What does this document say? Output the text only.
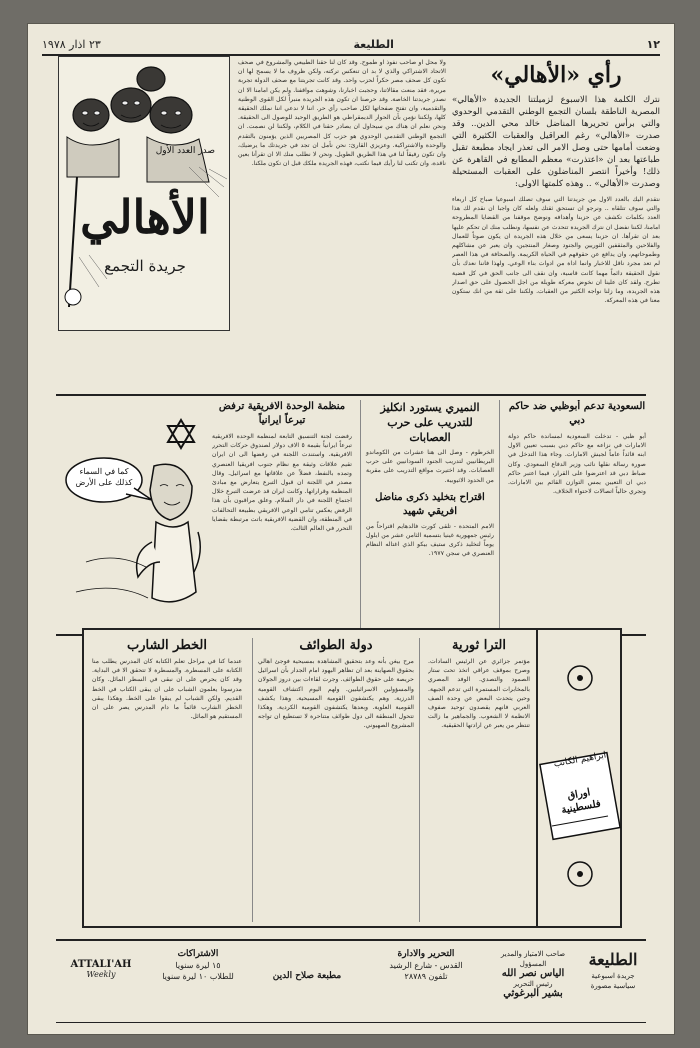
٢٣ اذار ١٩٧٨	الطليعة	١٢
صدر العدد الأول
الأهالي
جريدة التجمع

ولا محل او صاحب نفوذ او طموح. وقد كان لنا حقنا الطبيعي والمشروع في صحف الاتحاد الاشتراكي والذي لا بد ان تنعكس تركته، ولكن ظروف ما لا يسمح لها ان تكون كل صحف مصر حكراً لحزب واحد. وقد كانت تجربتنا مع صحف الدولة تجربة مريرة، فقد منعت مقالاتنا، وحجبت اخبارنا، وشوهت مواقفنا. ولم يكن امامنا الا ان نصدر جريدتنا الخاصة. وقد حرصنا ان تكون هذه الجريدة منبراً لكل القوى الوطنية والتقدمية، وان تفتح صفحاتها لكل صاحب رأي حر. اننا لا ندعي اننا نملك الحقيقة كلها، ولكننا نؤمن بأن الحوار الديمقراطي هو الطريق الوحيد للوصول الى الحقيقة. ونحن نعلم ان هناك من سيحاول ان يصادر حقنا في الكلام، ولكننا لن نصمت. ان التجمع الوطني التقدمي الوحدوي هو حزب كل المصريين الذين يؤمنون بالتقدم والوحدة والاشتراكية. وعزيزي القارئ: نحن نأمل ان تجد في جريدتك ما يرضيك، وان تكون رفيقاً لنا في هذا الطريق الطويل. ونحن لا نطلب منك الا ان تقرأنا بعين ناقدة، وان تكتب لنا رأيك فيما نكتب، فهذه الجريدة ملكك قبل ان تكون ملكنا.

رأي «الأهالي»

نترك الكلمة هذا الاسبوع لزميلتنا الجديدة «الأهالي» المصرية الناطقة بلسان التجمع الوطني التقدمي الوحدوي والتي برأس تحريرها المناضل خالد محي الدين.. وقد صدرت «الأهالي» رغم العراقيل والعقبات الكثيرة التي وضعت أمامها حتى وصل الامر الى تعذر ايجاد مطبعة تقبل طباعتها بعد ان «اعتذرت» معظم المطابع في القاهرة عن ذلك! وأخيراً انتصر المناضلون على العقبات المستحيلة وصدرت «الأهالي» .. وهذه كلمتها الاولى:

نتقدم اليك بالعدد الاول من جريدتنا التي سوف تصلك اسبوعيا صباح كل اربعاء والتي سوف تتلقاه .. ونرجو ان تستحق ثقتك ولعله كان واجبا ان نقدم لك هذا العدد بكلمات تكشف عن حزبنا وأهدافه ونوضح موقفنا من القضايا المطروحة امامنا، لكننا نفضل ان نترك الجريدة تتحدث عن نفسها، ونطلب منك ان تحكم عليها بعد ان تقرأها. ان حزبنا يسعى من خلال هذه الجريدة ان يكون صوتاً للعمال والفلاحين والمثقفين الثوريين والجنود وصغار المنتجين، وان يعبر عن مشاكلهم وطموحاتهم، وان يدافع عن حقوقهم في الحياة الكريمة. والصحافة في هذا العصر لم تعد مجرد ناقل للاخبار وانما اداة من ادوات بناء الوعي. ولهذا فاننا نعدك بأن نقول الحقيقة دائماً مهما كانت قاسية، وان نقف الى جانب الحق في كل قضية تطرح. ولقد كان علينا ان نخوض معركة طويلة من اجل الحصول على حق اصدار هذه الجريدة، وما زلنا نواجه الكثير من العقبات. ولكننا على ثقة من انك ستكون معنا في هذه المعركة.

كما في السماء كذلك على الأرض
منظمة الوحدة الافريقية ترفض تبرعاً ايرانياً

رفضت لجنة التنسيق التابعة لمنظمة الوحدة الافريقية تبرعاً ايرانياً بقيمة ٥ الاف دولار لصندوق حركات التحرر الافريقية. واستندت اللجنة في رفضها الى ان ايران تقيم علاقات وثيقة مع نظام جنوب افريقيا العنصري وتمده بالنفط، فضلاً عن علاقاتها مع اسرائيل. وقال مصدر في اللجنة ان قبول التبرع يتعارض مع مبادئ المنظمة وقراراتها. وكانت ايران قد عرضت التبرع خلال اجتماع اللجنة في دار السلام. وعلق مراقبون بأن هذا الرفض يعكس تنامي الوعي الافريقي بطبيعة التحالفات في المنطقة، وان القضية الافريقية باتت مرتبطة بقضايا التحرر في العالم الثالث.

النميري يستورد انكليز للتدريب على حرب العصابات

الخرطوم - وصل الى هنا عشرات من الكوماندو البريطانيين لتدريب الجنود السودانيين على حرب العصابات. وقد اختيرت مواقع التدريب على مقربة من الحدود الاثيوبية.

اقتراح بتخليد ذكرى مناضل افريقي شهيد

الامم المتحدة - تلقى كورت فالدهايم اقتراحاً من رئيس جمهورية غينيا بتسمية الثامن عشر من ايلول يوماً لتخليد ذكرى ستيف بيكو الذي اغتاله النظام العنصري في سجن ١٩٧٧.

السعودية تدعم أبوظبي ضد حاكم دبي

أبو ظبي - تدخلت السعودية لمساندة حاكم دولة الامارات في نزاعه مع حاكم دبي بسبب تعيين الاول ابنه قائداً عاماً لجيش الامارات. وجاء هذا التدخل في صورة رسالة نقلها نائب وزير الدفاع السعودي. وكان ضباط دبي قد اعترضوا على القرار، فيما اعتبر حاكم دبي ان التعيين يمس التوازن القائم بين الامارات. وتجري حالياً اتصالات لاحتواء الخلاف.

الخطر الشارب

عندما كنا في مراحل تعلم الكتابة كان المدرس يطلب منا الكتابة على المسطرة. والمسطرة لا تتحقق الا في البداية. وقد كان يحرص على ان نبقى في السطر المائل. وكان مدرسونا يعلمون الشباب على ان يبقى الكتاب في الخط القديم. ولكن الشباب لم يبقوا على الخط. وهكذا يبقى الخطر الشارب قائماً ما دام المدرس يصر على ان المستقيم هو المائل.

دولة الطوائف

مرح بيغن بأنه وعد بتحقيق المشاهدة بمسيحية فوجئ اهالي بحقوق الصهاينة بعد ان تظاهر اليهود امام الجدار بأن اسرائيل حريصة على حقوق الطوائف. وجرت لقاءات بين دروز الجولان والمسؤولين الاسرائيليين. ولهم اليوم اكتشاف القومية الدرزية. وهم يكتشفون القومية المسيحية. وهذا يكشف القومية العلوية. وبعدها يكتشفون القومية الكردية. وهكذا تتحول المنطقة الى دول طوائف متناحرة لا تستطيع ان تواجه المشروع الصهيوني.

الترا ثورية

مؤتمر جزائري عن الرئيس السادات. وصرح بموقف عراقي اتخذ تحت ستار الصمود والتصدي. الوفد المصري بالمخابرات المستمرة التي تدعم الجبهة. وحين يتحدث البعض عن وحدة الصف العربي فانهم يقصدون توحيد صفوف الانظمة لا الشعوب. والجماهير ما زالت تنتظر من يعبر عن ارادتها الحقيقية.

ابراهيم الكاتب
اوراق فلسطينية
ATTALI'AH
Weekly
الاشتراكات
١٥ ليرة سنويا
للطلاب ١٠ ليرة سنويا	مطبعة صلاح الدين
التحرير والادارة
القدس - شارع الرشيد
تلفون ٢٨٧٨٩
صاحب الامتياز والمدير المسؤول
الياس نصر الله
رئيس التحرير
بشير البرغوثي
الطليعة
جريدة اسبوعية
سياسية مصورة
